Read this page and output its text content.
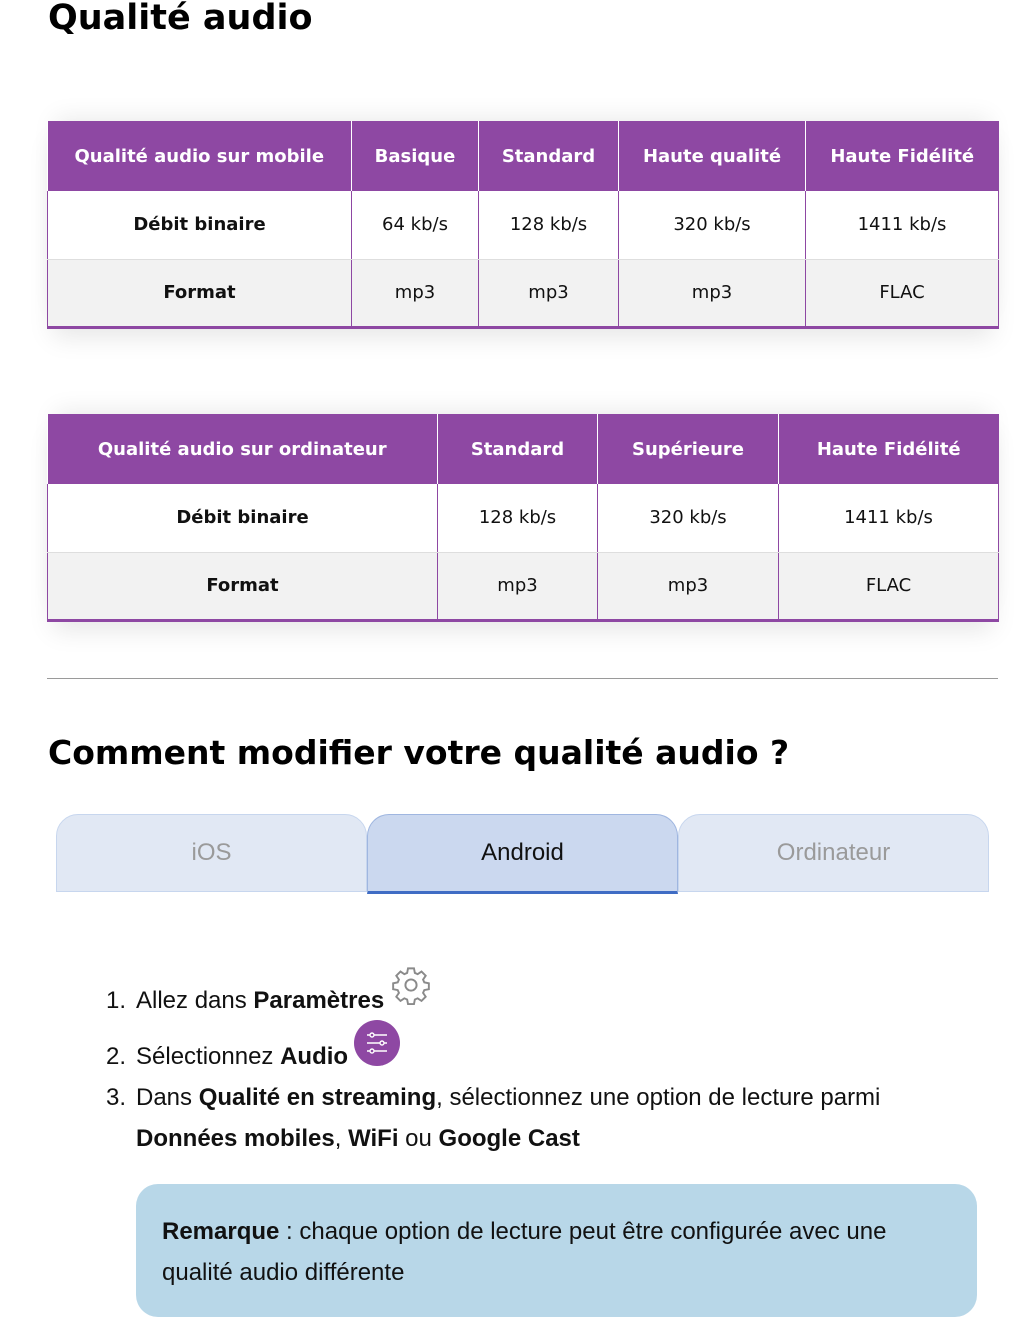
Qualité audio
Qualité audio sur mobile	Basique	Standard	Haute qualité	Haute Fidélité
Débit binaire	64 kb/s	128 kb/s	320 kb/s	1411 kb/s
Format	mp3	mp3	mp3	FLAC
Qualité audio sur ordinateur	Standard	Supérieure	Haute Fidélité
Débit binaire	128 kb/s	320 kb/s	1411 kb/s
Format	mp3	mp3	FLAC
Comment modifier votre qualité audio ?
iOS	Android	Ordinateur
1. Allez dans Paramètres
2. Sélectionnez Audio
3. Dans Qualité en streaming, sélectionnez une option de lecture parmi Données mobiles, WiFi ou Google Cast
Remarque : chaque option de lecture peut être configurée avec une qualité audio différente
